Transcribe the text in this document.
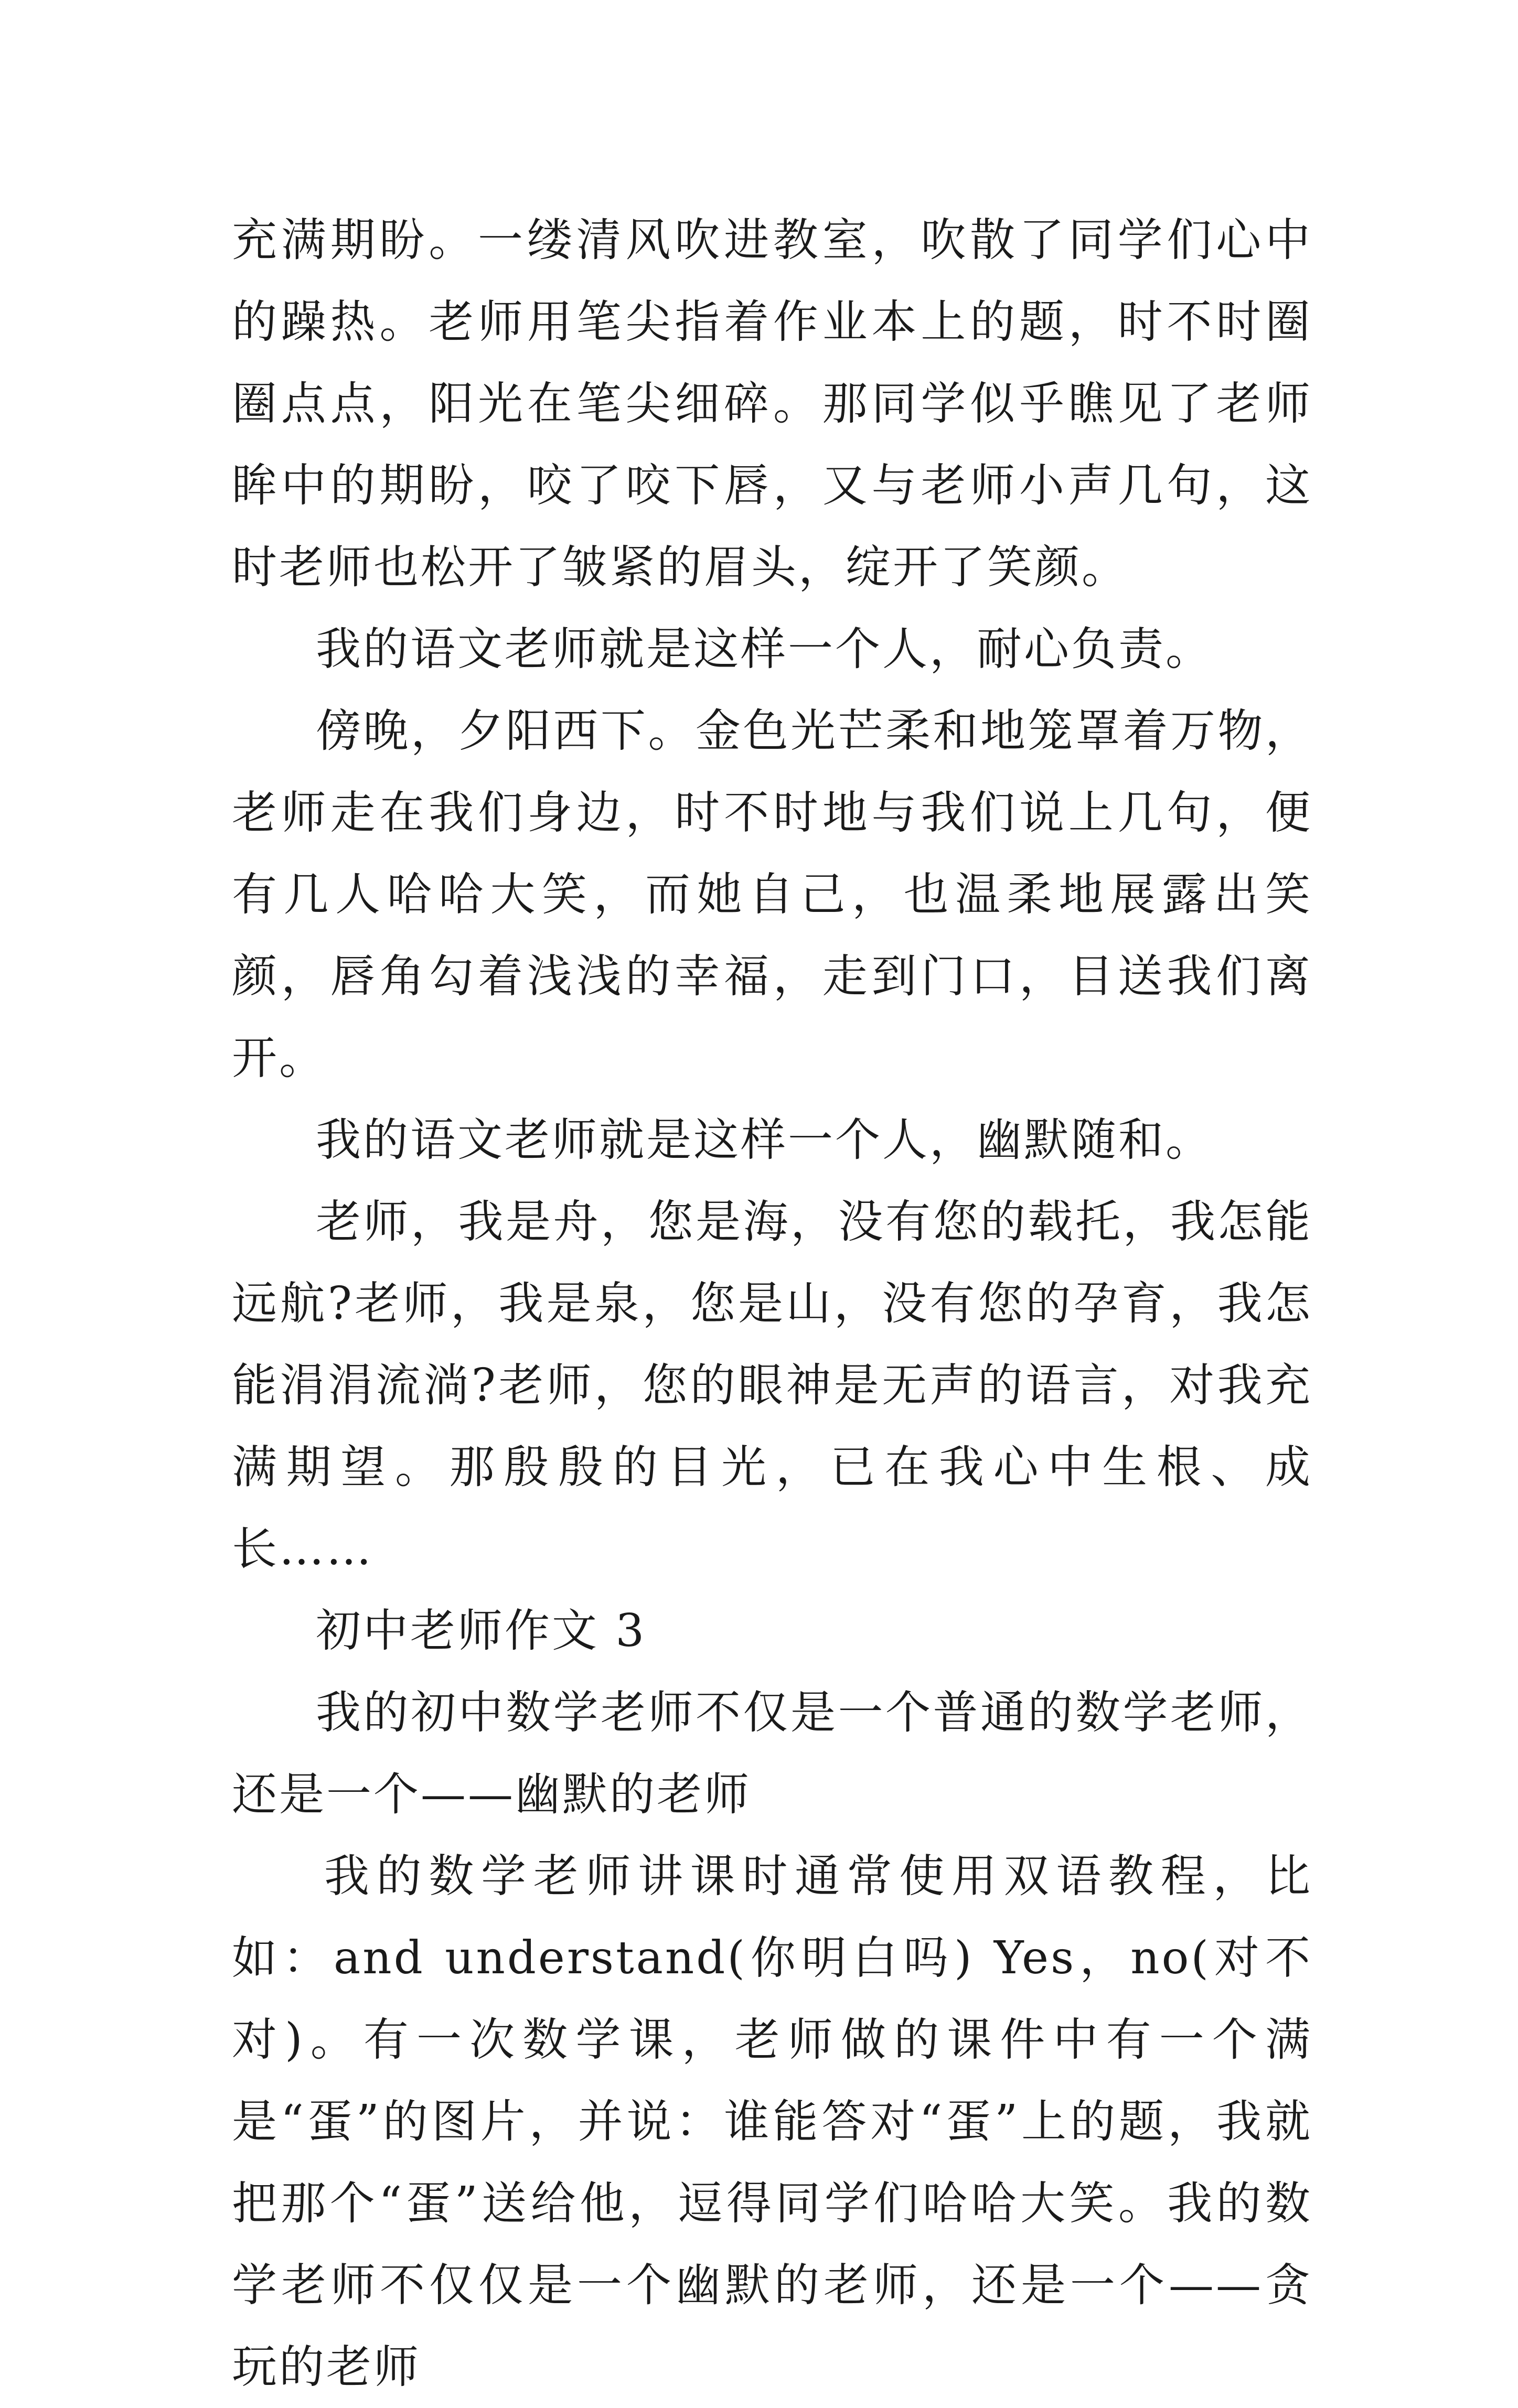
充满期盼。一缕清风吹进教室，吹散了同学们心中的躁热。老师用笔尖指着作业本上的题，时不时圈圈点点，阳光在笔尖细碎。那同学似乎瞧见了老师眸中的期盼，咬了咬下唇，又与老师小声几句，这时老师也松开了皱紧的眉头，绽开了笑颜。

我的语文老师就是这样一个人，耐心负责。

傍晚，夕阳西下。金色光芒柔和地笼罩着万物，老师走在我们身边，时不时地与我们说上几句，便有几人哈哈大笑，而她自己，也温柔地展露出笑颜，唇角勾着浅浅的幸福，走到门口，目送我们离开。

我的语文老师就是这样一个人，幽默随和。

老师，我是舟，您是海，没有您的载托，我怎能远航?老师，我是泉，您是山，没有您的孕育，我怎能涓涓流淌?老师，您的眼神是无声的语言，对我充满期望。那殷殷的目光，已在我心中生根、成长……

初中老师作文 3

我的初中数学老师不仅是一个普通的数学老师，还是一个——幽默的老师

我的数学老师讲课时通常使用双语教程，比如：and understand(你明白吗) Yes，no(对不对)。有一次数学课，老师做的课件中有一个满是“蛋”的图片，并说：谁能答对“蛋”上的题，我就把那个“蛋”送给他，逗得同学们哈哈大笑。我的数学老师不仅仅是一个幽默的老师，还是一个——贪玩的老师
